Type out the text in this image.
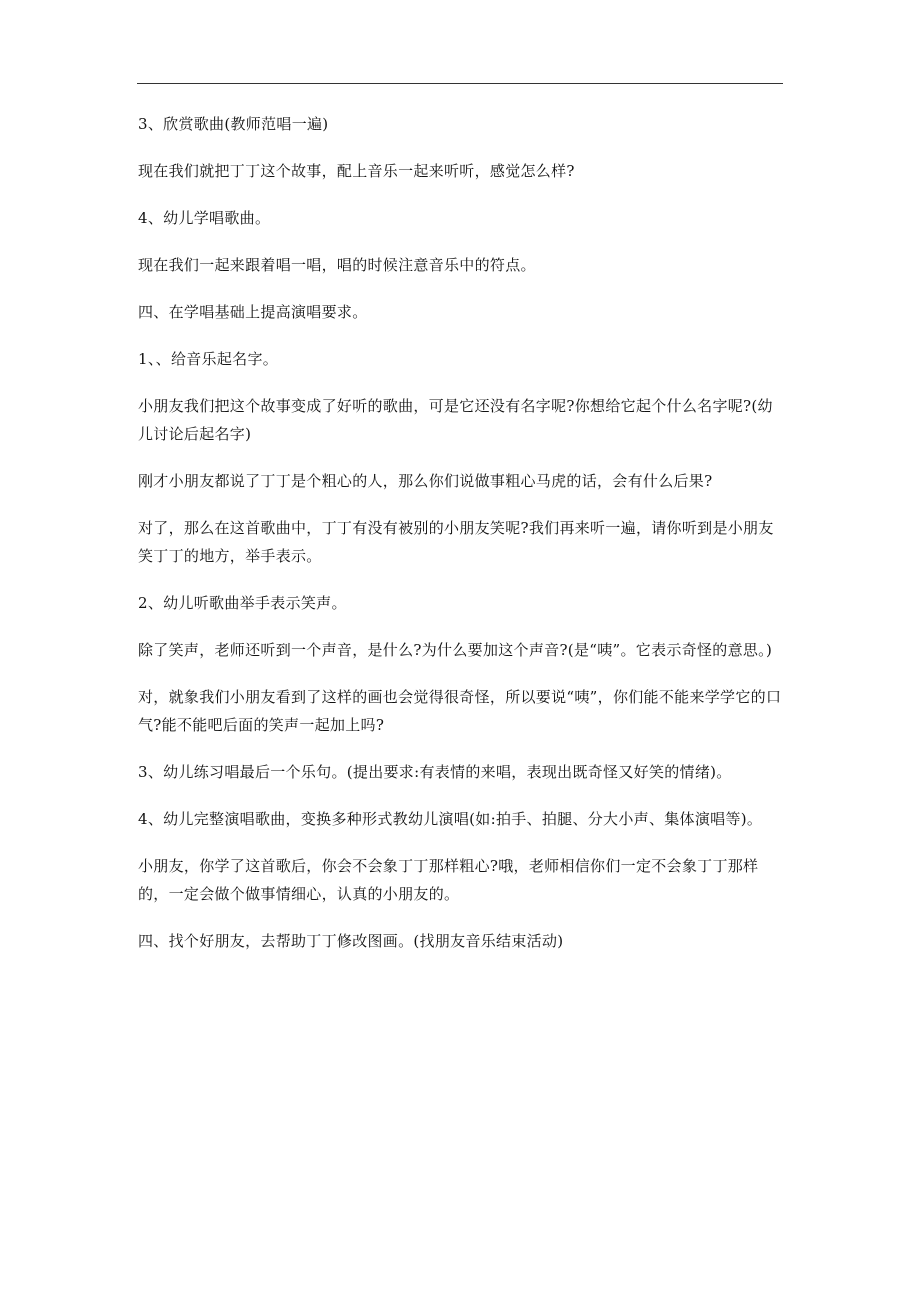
3、欣赏歌曲(教师范唱一遍)

现在我们就把丁丁这个故事，配上音乐一起来听听，感觉怎么样?

4、幼儿学唱歌曲。

现在我们一起来跟着唱一唱，唱的时候注意音乐中的符点。

四、在学唱基础上提高演唱要求。

1、、给音乐起名字。

小朋友我们把这个故事变成了好听的歌曲，可是它还没有名字呢?你想给它起个什么名字呢?(幼儿讨论后起名字)

刚才小朋友都说了丁丁是个粗心的人，那么你们说做事粗心马虎的话，会有什么后果?

对了，那么在这首歌曲中，丁丁有没有被别的小朋友笑呢?我们再来听一遍，请你听到是小朋友笑丁丁的地方，举手表示。

2、幼儿听歌曲举手表示笑声。

除了笑声，老师还听到一个声音，是什么?为什么要加这个声音?(是“咦”。它表示奇怪的意思。)

对，就象我们小朋友看到了这样的画也会觉得很奇怪，所以要说“咦”，你们能不能来学学它的口气?能不能吧后面的笑声一起加上吗?

3、幼儿练习唱最后一个乐句。(提出要求:有表情的来唱，表现出既奇怪又好笑的情绪)。

4、幼儿完整演唱歌曲，变换多种形式教幼儿演唱(如:拍手、拍腿、分大小声、集体演唱等)。

小朋友，你学了这首歌后，你会不会象丁丁那样粗心?哦，老师相信你们一定不会象丁丁那样的，一定会做个做事情细心，认真的小朋友的。

四、找个好朋友，去帮助丁丁修改图画。(找朋友音乐结束活动)
